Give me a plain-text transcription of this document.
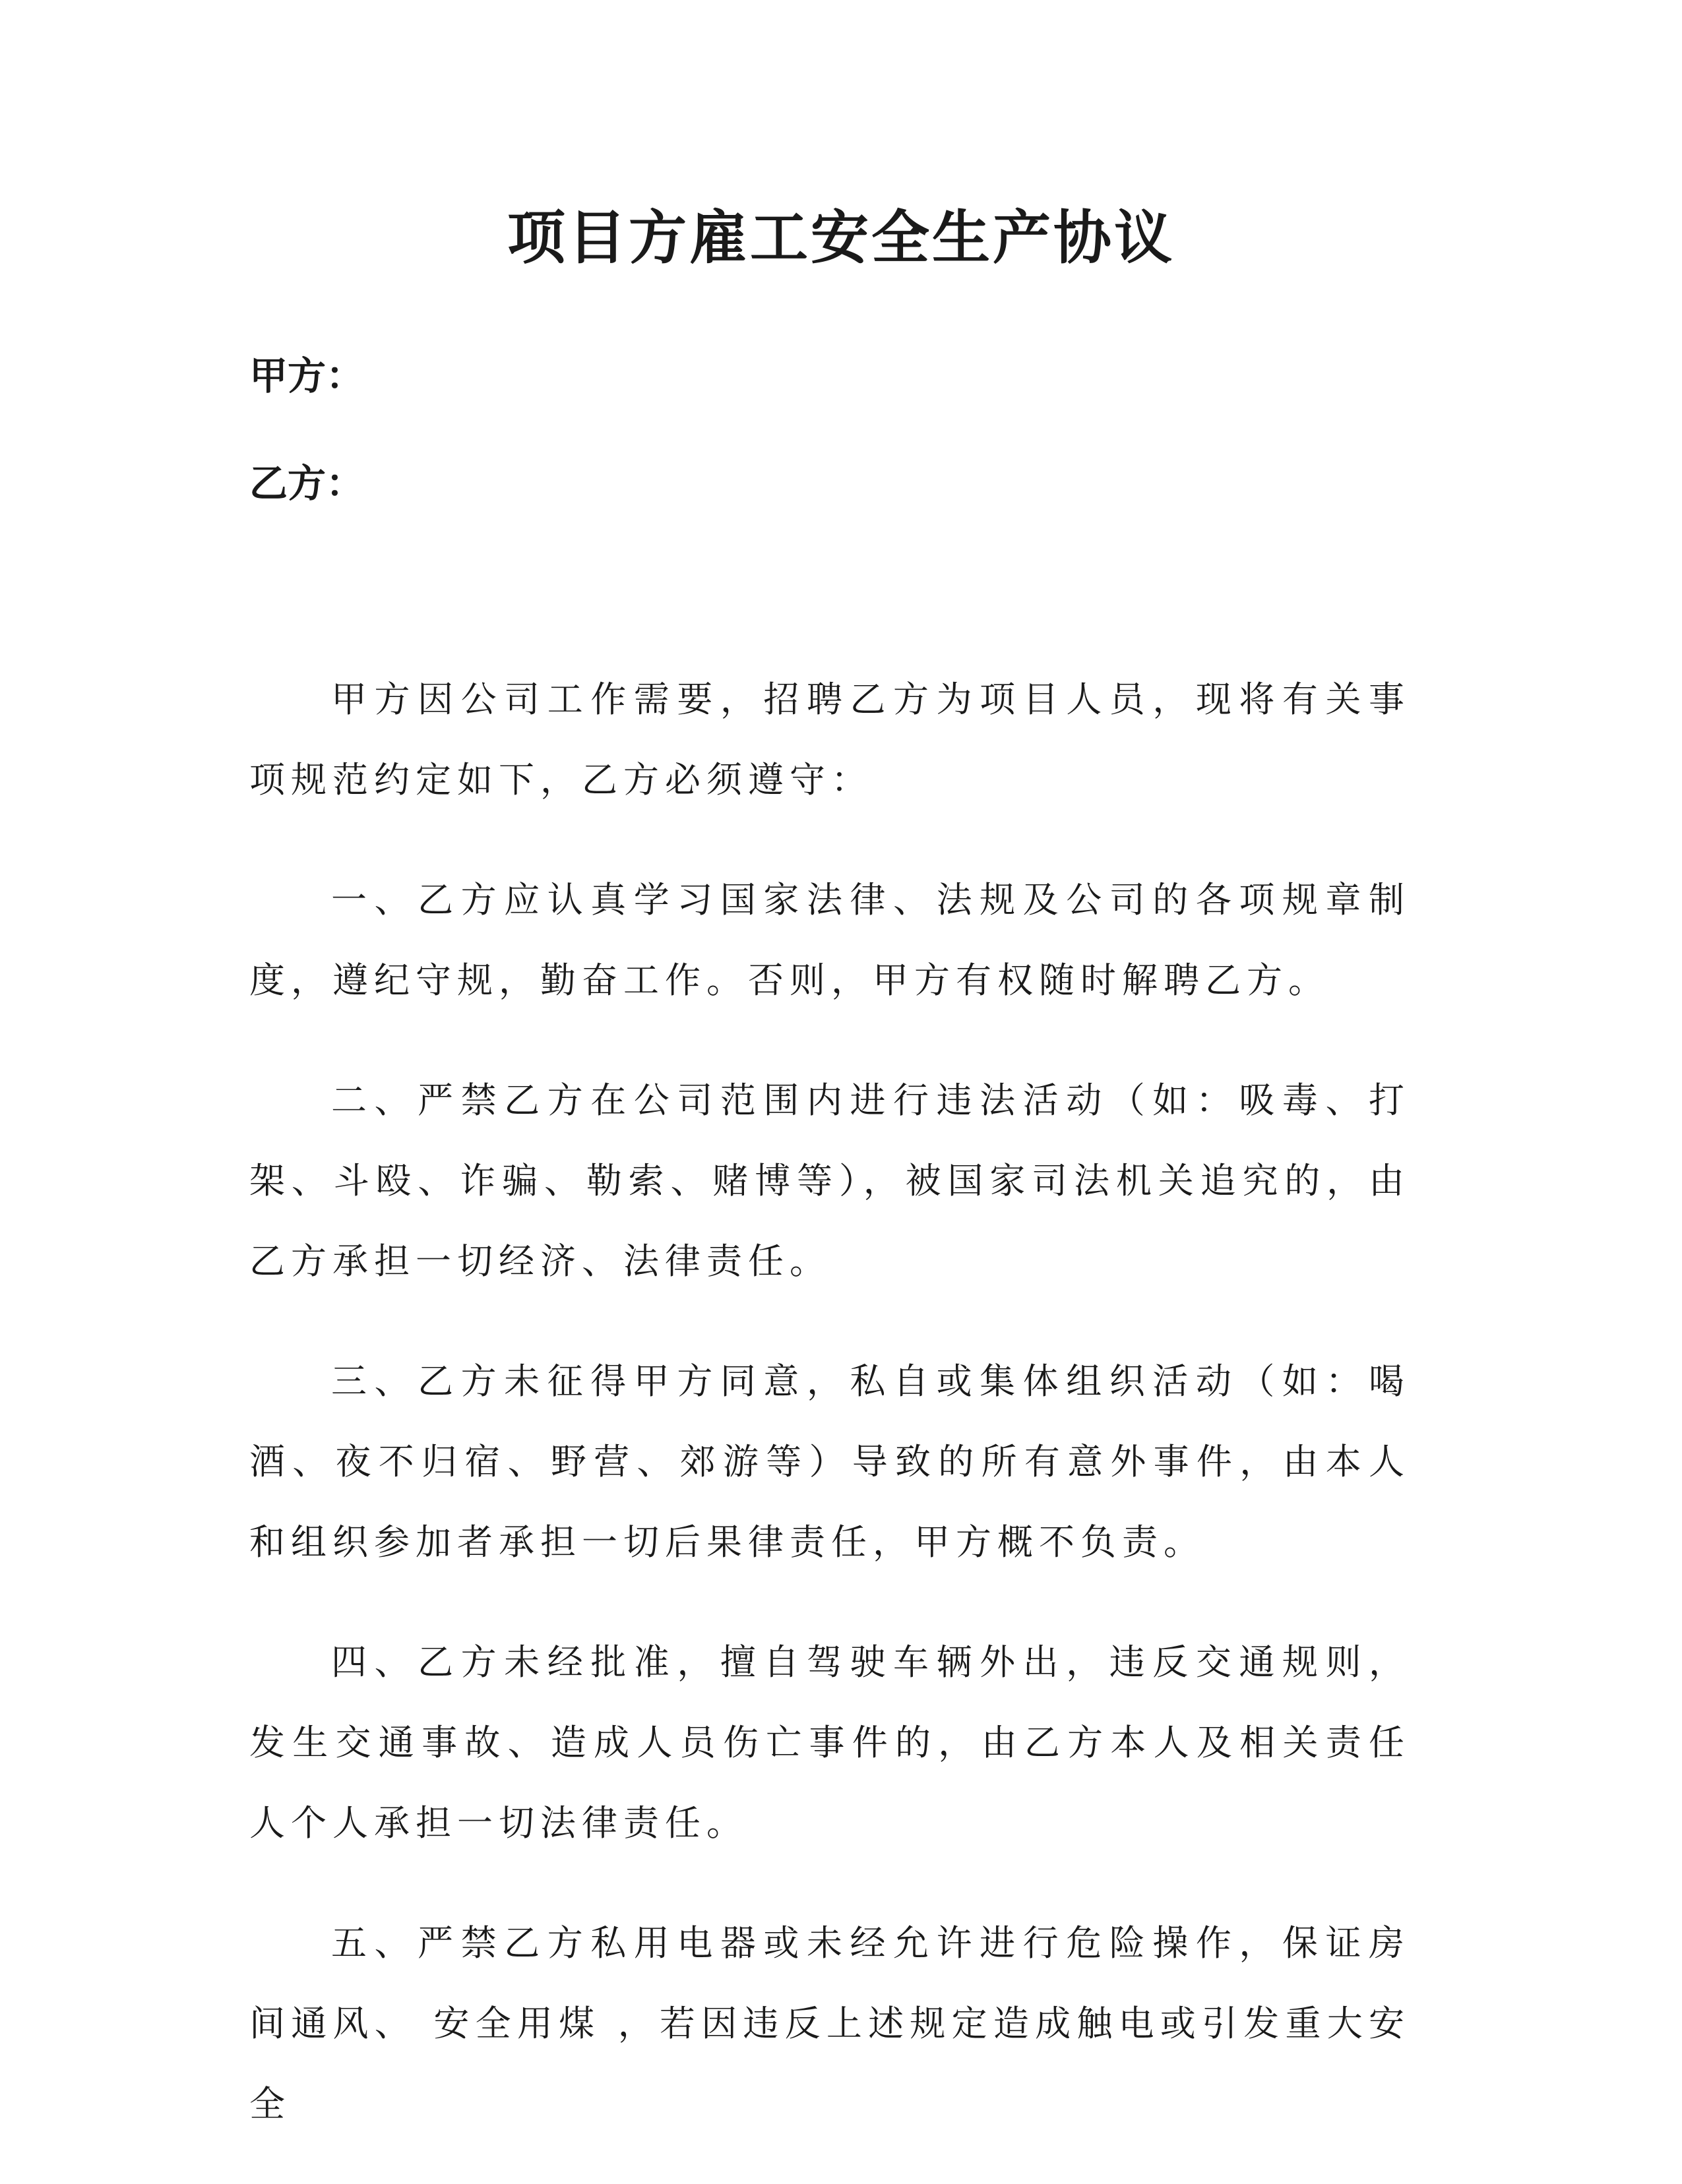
项目方雇工安全生产协议

甲方：

乙方：

甲方因公司工作需要，招聘乙方为项目人员，现将有关事项规范约定如下，乙方必须遵守：

一、乙方应认真学习国家法律、法规及公司的各项规章制度，遵纪守规，勤奋工作。否则，甲方有权随时解聘乙方。

二、严禁乙方在公司范围内进行违法活动（如：吸毒、打架、斗殴、诈骗、勒索、赌博等），被国家司法机关追究的，由乙方承担一切经济、法律责任。

三、乙方未征得甲方同意，私自或集体组织活动（如：喝酒、夜不归宿、野营、郊游等）导致的所有意外事件，由本人和组织参加者承担一切后果律责任，甲方概不负责。

四、乙方未经批准，擅自驾驶车辆外出，违反交通规则，发生交通事故、造成人员伤亡事件的，由乙方本人及相关责任人个人承担一切法律责任。

五、严禁乙方私用电器或未经允许进行危险操作，保证房间通风、 安全用煤 ，若因违反上述规定造成触电或引发重大安全
